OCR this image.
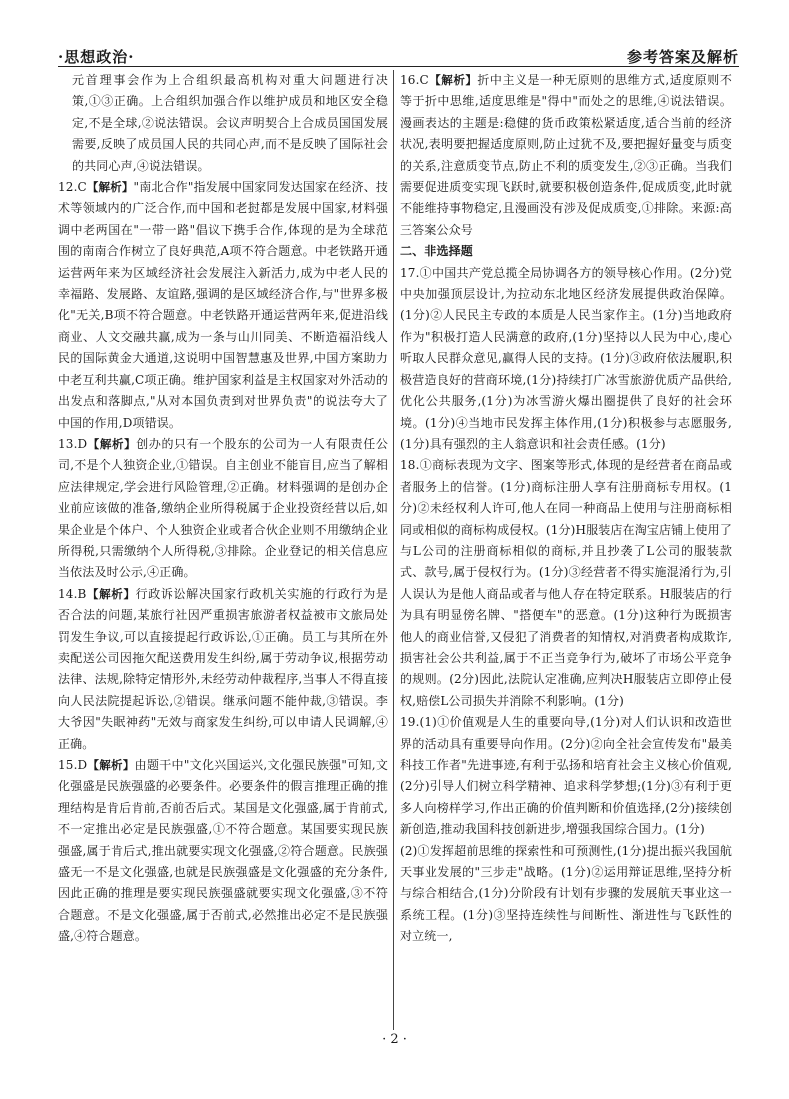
·思想政治·	参考答案及解析

元首理事会作为上合组织最高机构对重大问题进行决策,①③正确。上合组织加强合作以维护成员和地区安全稳定,不是全球,②说法错误。会议声明契合上合成员国国发展需要,反映了成员国人民的共同心声,而不是反映了国际社会的共同心声,④说法错误。

12.C【解析】"南北合作"指发展中国家同发达国家在经济、技术等领域内的广泛合作,而中国和老挝都是发展中国家,材料强调中老两国在"一带一路"倡议下携手合作,体现的是为全球范围的南南合作树立了良好典范,A项不符合题意。中老铁路开通运营两年来为区域经济社会发展注入新活力,成为中老人民的幸福路、发展路、友谊路,强调的是区域经济合作,与"世界多极化"无关,B项不符合题意。中老铁路开通运营两年来,促进沿线商业、人文交融共赢,成为一条与山川同美、不断造福沿线人民的国际黄金大通道,这说明中国智慧惠及世界,中国方案助力中老互利共赢,C项正确。维护国家利益是主权国家对外活动的出发点和落脚点,"从对本国负责到对世界负责"的说法夸大了中国的作用,D项错误。

13.D【解析】创办的只有一个股东的公司为一人有限责任公司,不是个人独资企业,①错误。自主创业不能盲目,应当了解相应法律规定,学会进行风险管理,②正确。材料强调的是创办企业前应该做的准备,缴纳企业所得税属于企业投资经营以后,如果企业是个体户、个人独资企业或者合伙企业则不用缴纳企业所得税,只需缴纳个人所得税,③排除。企业登记的相关信息应当依法及时公示,④正确。

14.B【解析】行政诉讼解决国家行政机关实施的行政行为是否合法的问题,某旅行社因严重损害旅游者权益被市文旅局处罚发生争议,可以直接提起行政诉讼,①正确。员工与其所在外卖配送公司因拖欠配送费用发生纠纷,属于劳动争议,根据劳动法律、法规,除特定情形外,未经劳动仲裁程序,当事人不得直接向人民法院提起诉讼,②错误。继承问题不能仲裁,③错误。李大爷因"失眠神药"无效与商家发生纠纷,可以申请人民调解,④正确。

15.D【解析】由题干中"文化兴国运兴,文化强民族强"可知,文化强盛是民族强盛的必要条件。必要条件的假言推理正确的推理结构是肯后肯前,否前否后式。某国是文化强盛,属于肯前式,不一定推出必定是民族强盛,①不符合题意。某国要实现民族强盛,属于肯后式,推出就要实现文化强盛,②符合题意。民族强盛无一不是文化强盛,也就是民族强盛是文化强盛的充分条件,因此正确的推理是要实现民族强盛就要实现文化强盛,③不符合题意。不是文化强盛,属于否前式,必然推出必定不是民族强盛,④符合题意。

16.C【解析】折中主义是一种无原则的思维方式,适度原则不等于折中思维,适度思维是"得中"而处之的思维,④说法错误。漫画表达的主题是:稳健的货币政策松紧适度,适合当前的经济状况,表明要把握适度原则,防止过犹不及,要把握好量变与质变的关系,注意质变节点,防止不利的质变发生,②③正确。当我们需要促进质变实现飞跃时,就要积极创造条件,促成质变,此时就不能维持事物稳定,且漫画没有涉及促成质变,①排除。来源:高三答案公众号

二、非选择题

17.①中国共产党总揽全局协调各方的领导核心作用。(2分)党中央加强顶层设计,为拉动东北地区经济发展提供政治保障。(1分)②人民民主专政的本质是人民当家作主。(1分)当地政府作为"积极打造人民满意的政府,(1分)坚持以人民为中心,虔心听取人民群众意见,赢得人民的支持。(1分)③政府依法履职,积极营造良好的营商环境,(1分)持续打广冰雪旅游优质产品供给,优化公共服务,(1分)为冰雪游火爆出圈提供了良好的社会环境。(1分)④当地市民发挥主体作用,(1分)积极参与志愿服务,(1分)具有强烈的主人翁意识和社会责任感。(1分)

18.①商标表现为文字、图案等形式,体现的是经营者在商品或者服务上的信誉。(1分)商标注册人享有注册商标专用权。(1分)②未经权利人许可,他人在同一种商品上使用与注册商标相同或相似的商标构成侵权。(1分)H服装店在淘宝店铺上使用了与L公司的注册商标相似的商标,并且抄袭了L公司的服装款式、款号,属于侵权行为。(1分)③经营者不得实施混淆行为,引人误认为是他人商品或者与他人存在特定联系。H服装店的行为具有明显傍名牌、"搭便车"的恶意。(1分)这种行为既损害他人的商业信誉,又侵犯了消费者的知情权,对消费者构成欺诈,损害社会公共利益,属于不正当竞争行为,破坏了市场公平竞争的规则。(2分)因此,法院认定准确,应判决H服装店立即停止侵权,赔偿L公司损失并消除不利影响。(1分)

19.(1)①价值观是人生的重要向导,(1分)对人们认识和改造世界的活动具有重要导向作用。(2分)②向全社会宣传发布"最美科技工作者"先进事迹,有利于弘扬和培育社会主义核心价值观,(2分)引导人们树立科学精神、追求科学梦想;(1分)③有利于更多人向榜样学习,作出正确的价值判断和价值选择,(2分)接续创新创造,推动我国科技创新进步,增强我国综合国力。(1分)

(2)①发挥超前思维的探索性和可预测性,(1分)提出振兴我国航天事业发展的"三步走"战略。(1分)②运用辩证思维,坚持分析与综合相结合,(1分)分阶段有计划有步骤的发展航天事业这一系统工程。(1分)③坚持连续性与间断性、渐进性与飞跃性的对立统一,

· 2 ·
